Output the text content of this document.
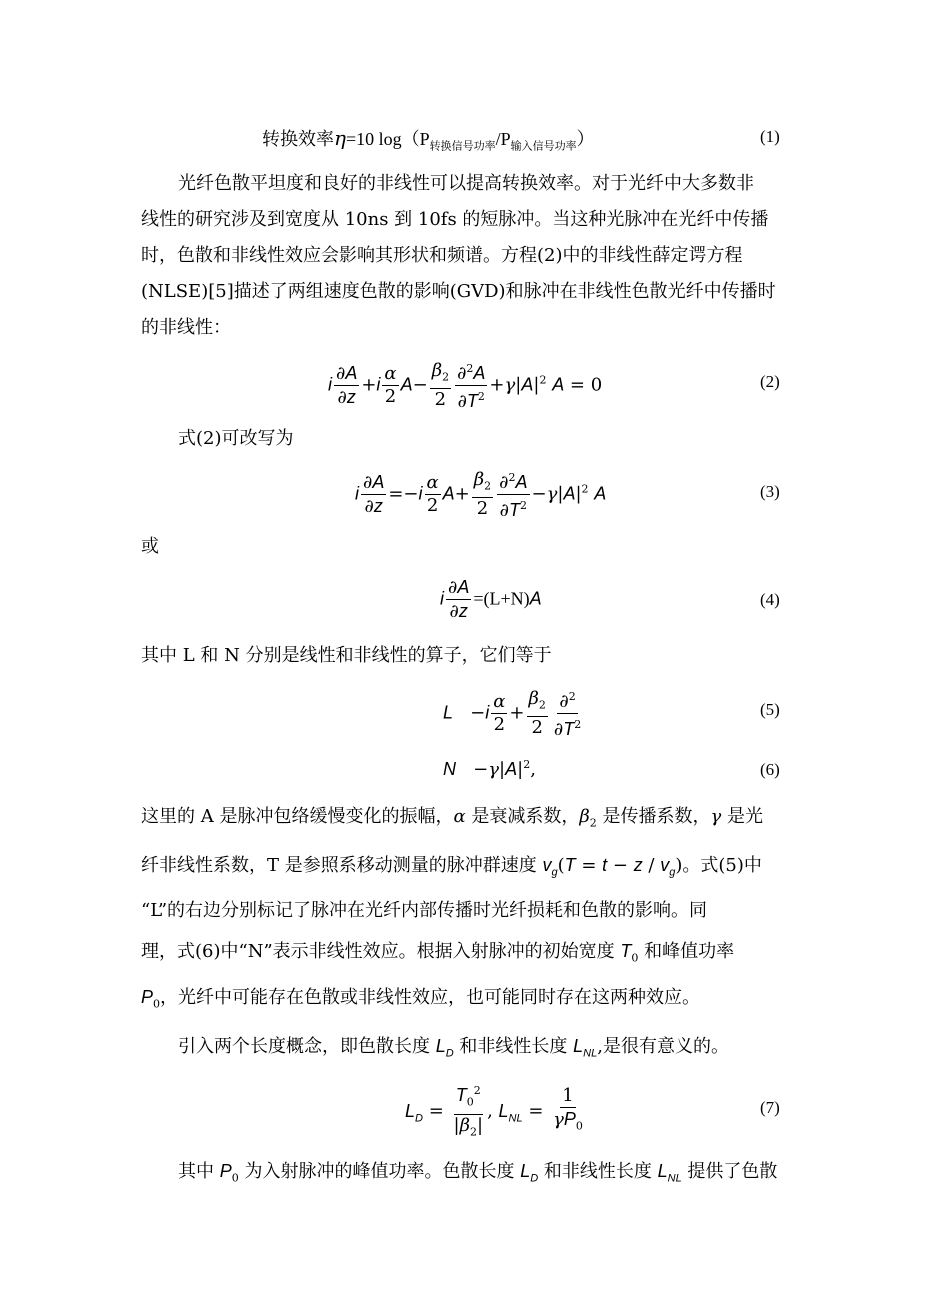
转换效率η=10 $\log(P_{转换信号功率}/P_{输入信号功率})$	(1)
光纤色散平坦度和良好的非线性可以提高转换效率。对于光纤中大多数非
线性的研究涉及到宽度从 10ns 到 10fs 的短脉冲。当这种光脉冲在光纤中传播
时，色散和非线性效应会影响其形状和频谱。方程(2)中的非线性薛定谔方程
(NLSE)[5]描述了两组速度色散的影响(GVD)和脉冲在非线性色散光纤中传播时
的非线性：
i $\frac{\partial A}{\partial z} +i \frac{\alpha}{2} A- \frac{\beta_2}{2} \frac{\partial^2A}{\partial T^2} +\gamma|A|^2$ A = 0	(2)
式(2)可改写为
i $\frac{\partial A}{\partial z} =-i \frac{\alpha}{2} A+ \frac{\beta_2}{2} \frac{\partial^2A}{\partial T^2} -\gamma|A|^2$ A	(3)
或
i $\frac{\partial A}{\partial z} =(L+N)A$	(4)
其中 L 和 N 分别是线性和非线性的算子，它们等于
$L -i \frac{\alpha}{2} + \frac{\beta_2}{2} \frac{\partial^2}{\partial T^2}$	(5)
$N -\gamma|A|^2$,	(6)
这里的 A 是脉冲包络缓慢变化的振幅，α 是衰减系数，$\beta_2$ 是传播系数，γ 是光
纤非线性系数，T 是参照系移动测量的脉冲群速度 $v_g(T = t - z / v_g)$。式(5)中
“L”的右边分别标记了脉冲在光纤内部传播时光纤损耗和色散的影响。同
理，式(6)中“N”表示非线性效应。根据入射脉冲的初始宽度 $T_0$ 和峰值功率
$P_0$，光纤中可能存在色散或非线性效应，也可能同时存在这两种效应。
引入两个长度概念，即色散长度 $L_D$ 和非线性长度 $L_{NL}$,是很有意义的。
$L_D = \frac{T_0^2}{|\beta_2|}$ , $L_{NL} = \frac{1}{\gamma P_0}$	(7)
其中 $P_0$ 为入射脉冲的峰值功率。色散长度 $L_D$ 和非线性长度 $L_{NL}$ 提供了色散
